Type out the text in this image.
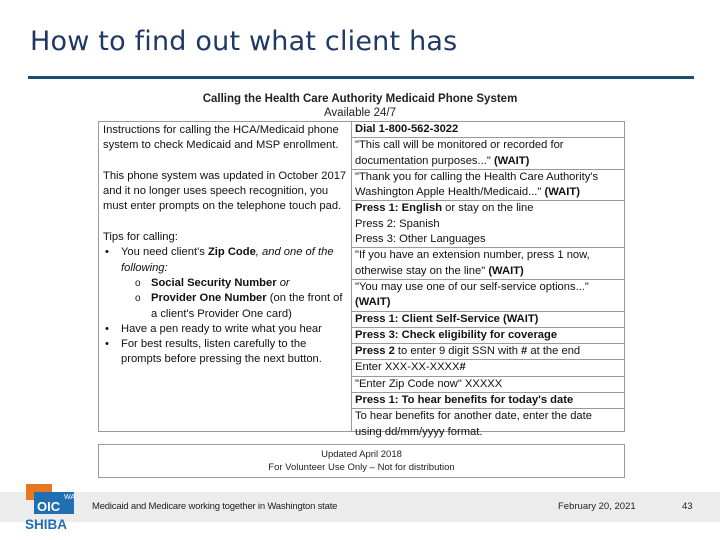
How to find out what client has
Calling the Health Care Authority Medicaid Phone System
Available 24/7
Instructions for calling the HCA/Medicaid phone system to check Medicaid and MSP enrollment.
This phone system was updated in October 2017 and it no longer uses speech recognition, you must enter prompts on the telephone touch pad.
Tips for calling:
• You need client's Zip Code, and one of the following:
o Social Security Number or
o Provider One Number (on the front of a client's Provider One card)
• Have a pen ready to write what you hear
• For best results, listen carefully to the prompts before pressing the next button.
Dial 1-800-562-3022
"This call will be monitored or recorded for documentation purposes..." (WAIT)
"Thank you for calling the Health Care Authority's Washington Apple Health/Medicaid..." (WAIT)
Press 1: English or stay on the line
Press 2: Spanish
Press 3: Other Languages
"If you have an extension number, press 1 now, otherwise stay on the line" (WAIT)
"You may use one of our self-service options..."
(WAIT)
Press 1: Client Self-Service (WAIT)
Press 3: Check eligibility for coverage
Press 2 to enter 9 digit SSN with # at the end
Enter XXX-XX-XXXX#
"Enter Zip Code now" XXXXX
Press 1: To hear benefits for today's date
To hear benefits for another date, enter the date using dd/mm/yyyy format.
Updated April 2018
For Volunteer Use Only – Not for distribution
WA
OIC
SHIBA
Medicaid and Medicare working together in Washington state	February 20, 2021	43
